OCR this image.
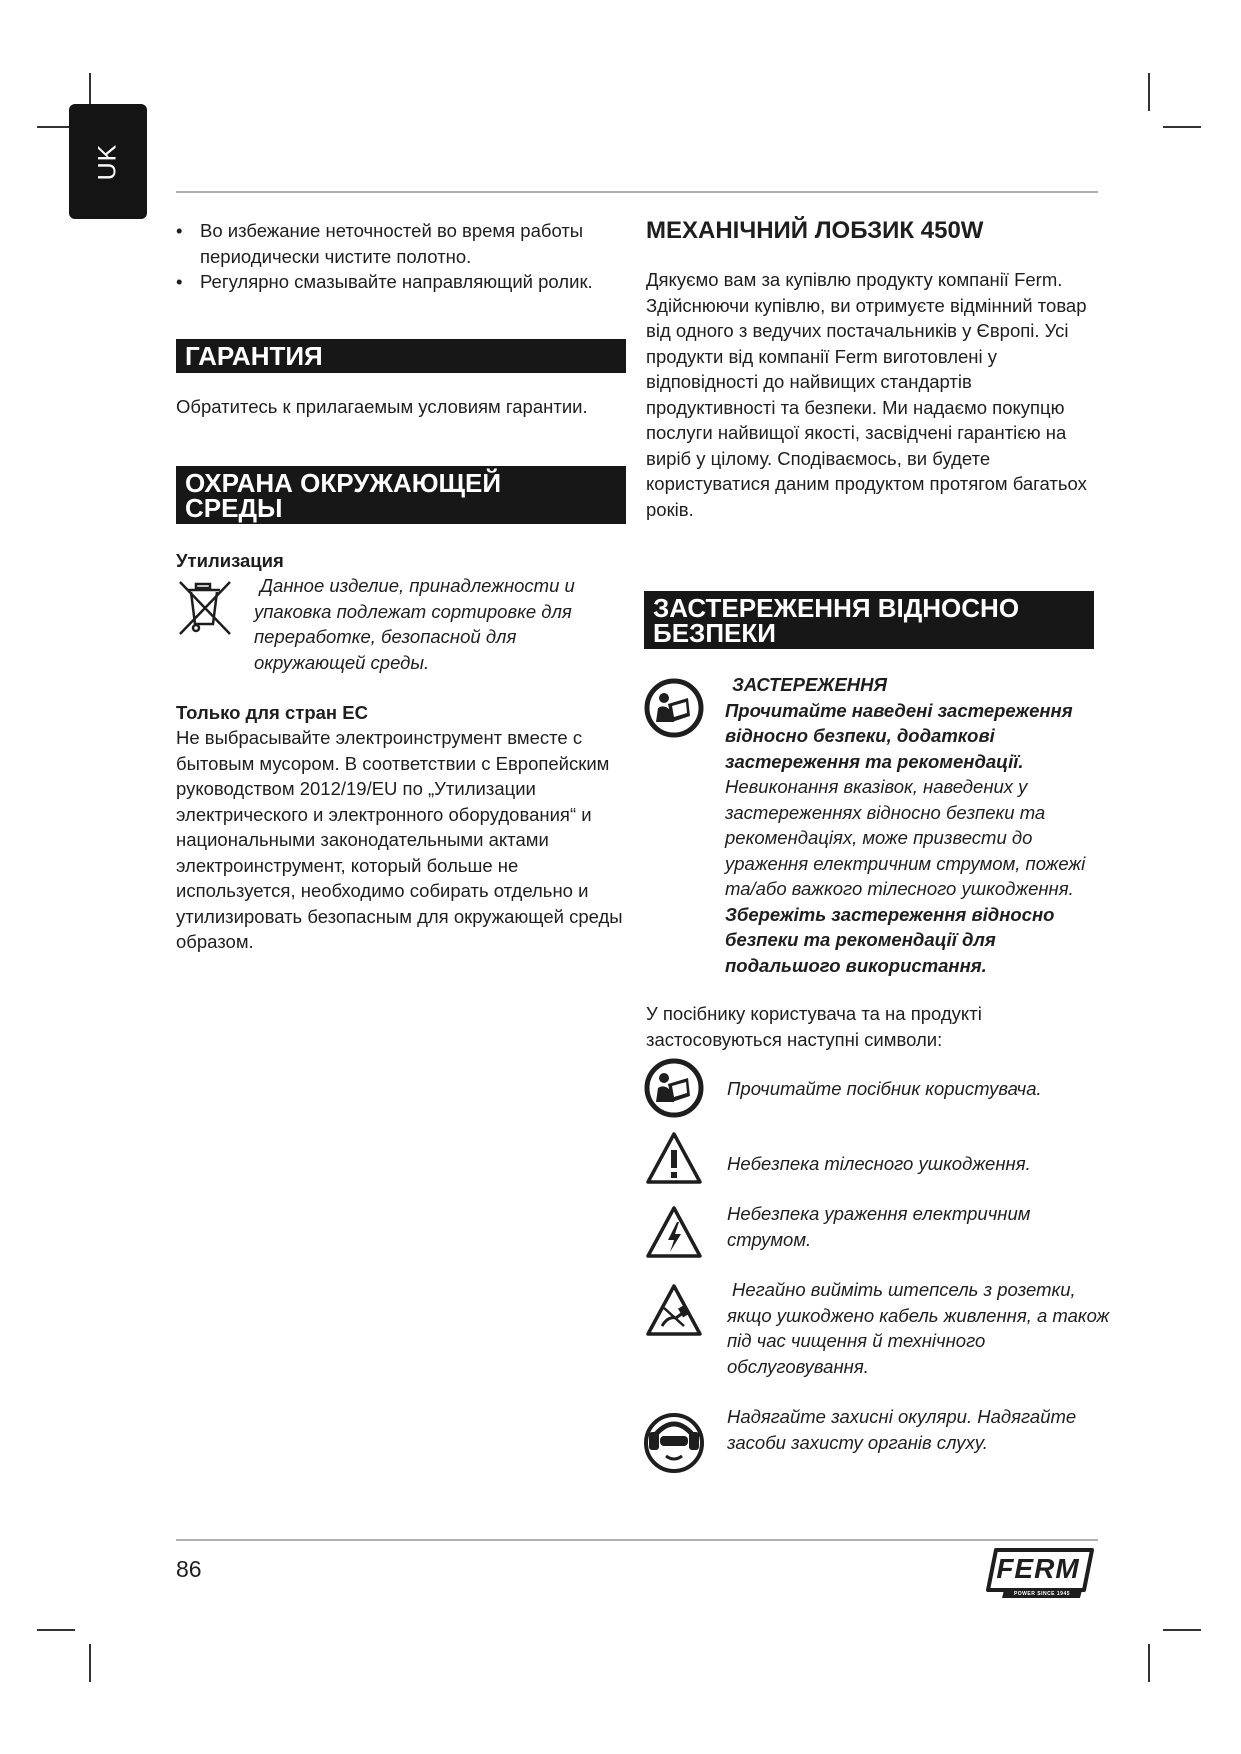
UK

• Во избежание неточностей во время работы периодически чистите полотно.

• Регулярно смазывайте направляющий ролик.

ГАРАНТИЯ

Обратитесь к прилагаемым условиям гарантии.

ОХРАНА ОКРУЖАЮЩЕЙ
СРЕДЫ

Утилизация

Данное изделие, принадлежности и упаковка подлежат сортировке для переработке, безопасной для окружающей среды.

Только для стран ЕС

Не выбрасывайте электроинструмент вместе с бытовым мусором. В соответствии с Европейским руководством 2012/19/EU по „Утилизации электрического и электронного оборудования“ и национальными законодательными актами электроинструмент, который больше не используется, необходимо собирать отдельно и утилизировать безопасным для окружающей среды образом.

МЕХАНІЧНИЙ ЛОБЗИК 450W

Дякуємо вам за купівлю продукту компанії Ferm.

Здійснюючи купівлю, ви отримуєте відмінний товар від одного з ведучих постачальників у Європі. Усі продукти від компанії Ferm виготовлені у відповідності до найвищих стандартів продуктивності та безпеки. Ми надаємо покупцю послуги найвищої якості, засвідчені гарантією на виріб у цілому. Сподіваємось, ви будете користуватися даним продуктом протягом багатьох років.

ЗАСТЕРЕЖЕННЯ ВІДНОСНО
БЕЗПЕКИ

ЗАСТЕРЕЖЕННЯ

Прочитайте наведені застереження відносно безпеки, додаткові застереження та рекомендації.

Невиконання вказівок, наведених у застереженнях відносно безпеки та рекомендаціях, може призвести до ураження електричним струмом, пожежі та/або важкого тілесного ушкодження.

Збережіть застереження відносно безпеки та рекомендації для подальшого використання.

У посібнику користувача та на продукті застосовуються наступні символи:

Прочитайте посібник користувача.
Небезпека тілесного ушкодження.
Небезпека ураження електричним струмом.
Негайно вийміть штепсель з розетки, якщо ушкоджено кабель живлення, а також під час чищення й технічного обслуговування.
Надягайте захисні окуляри. Надягайте засоби захисту органів слуху.
86	FERM
POWER SINCE 1945
